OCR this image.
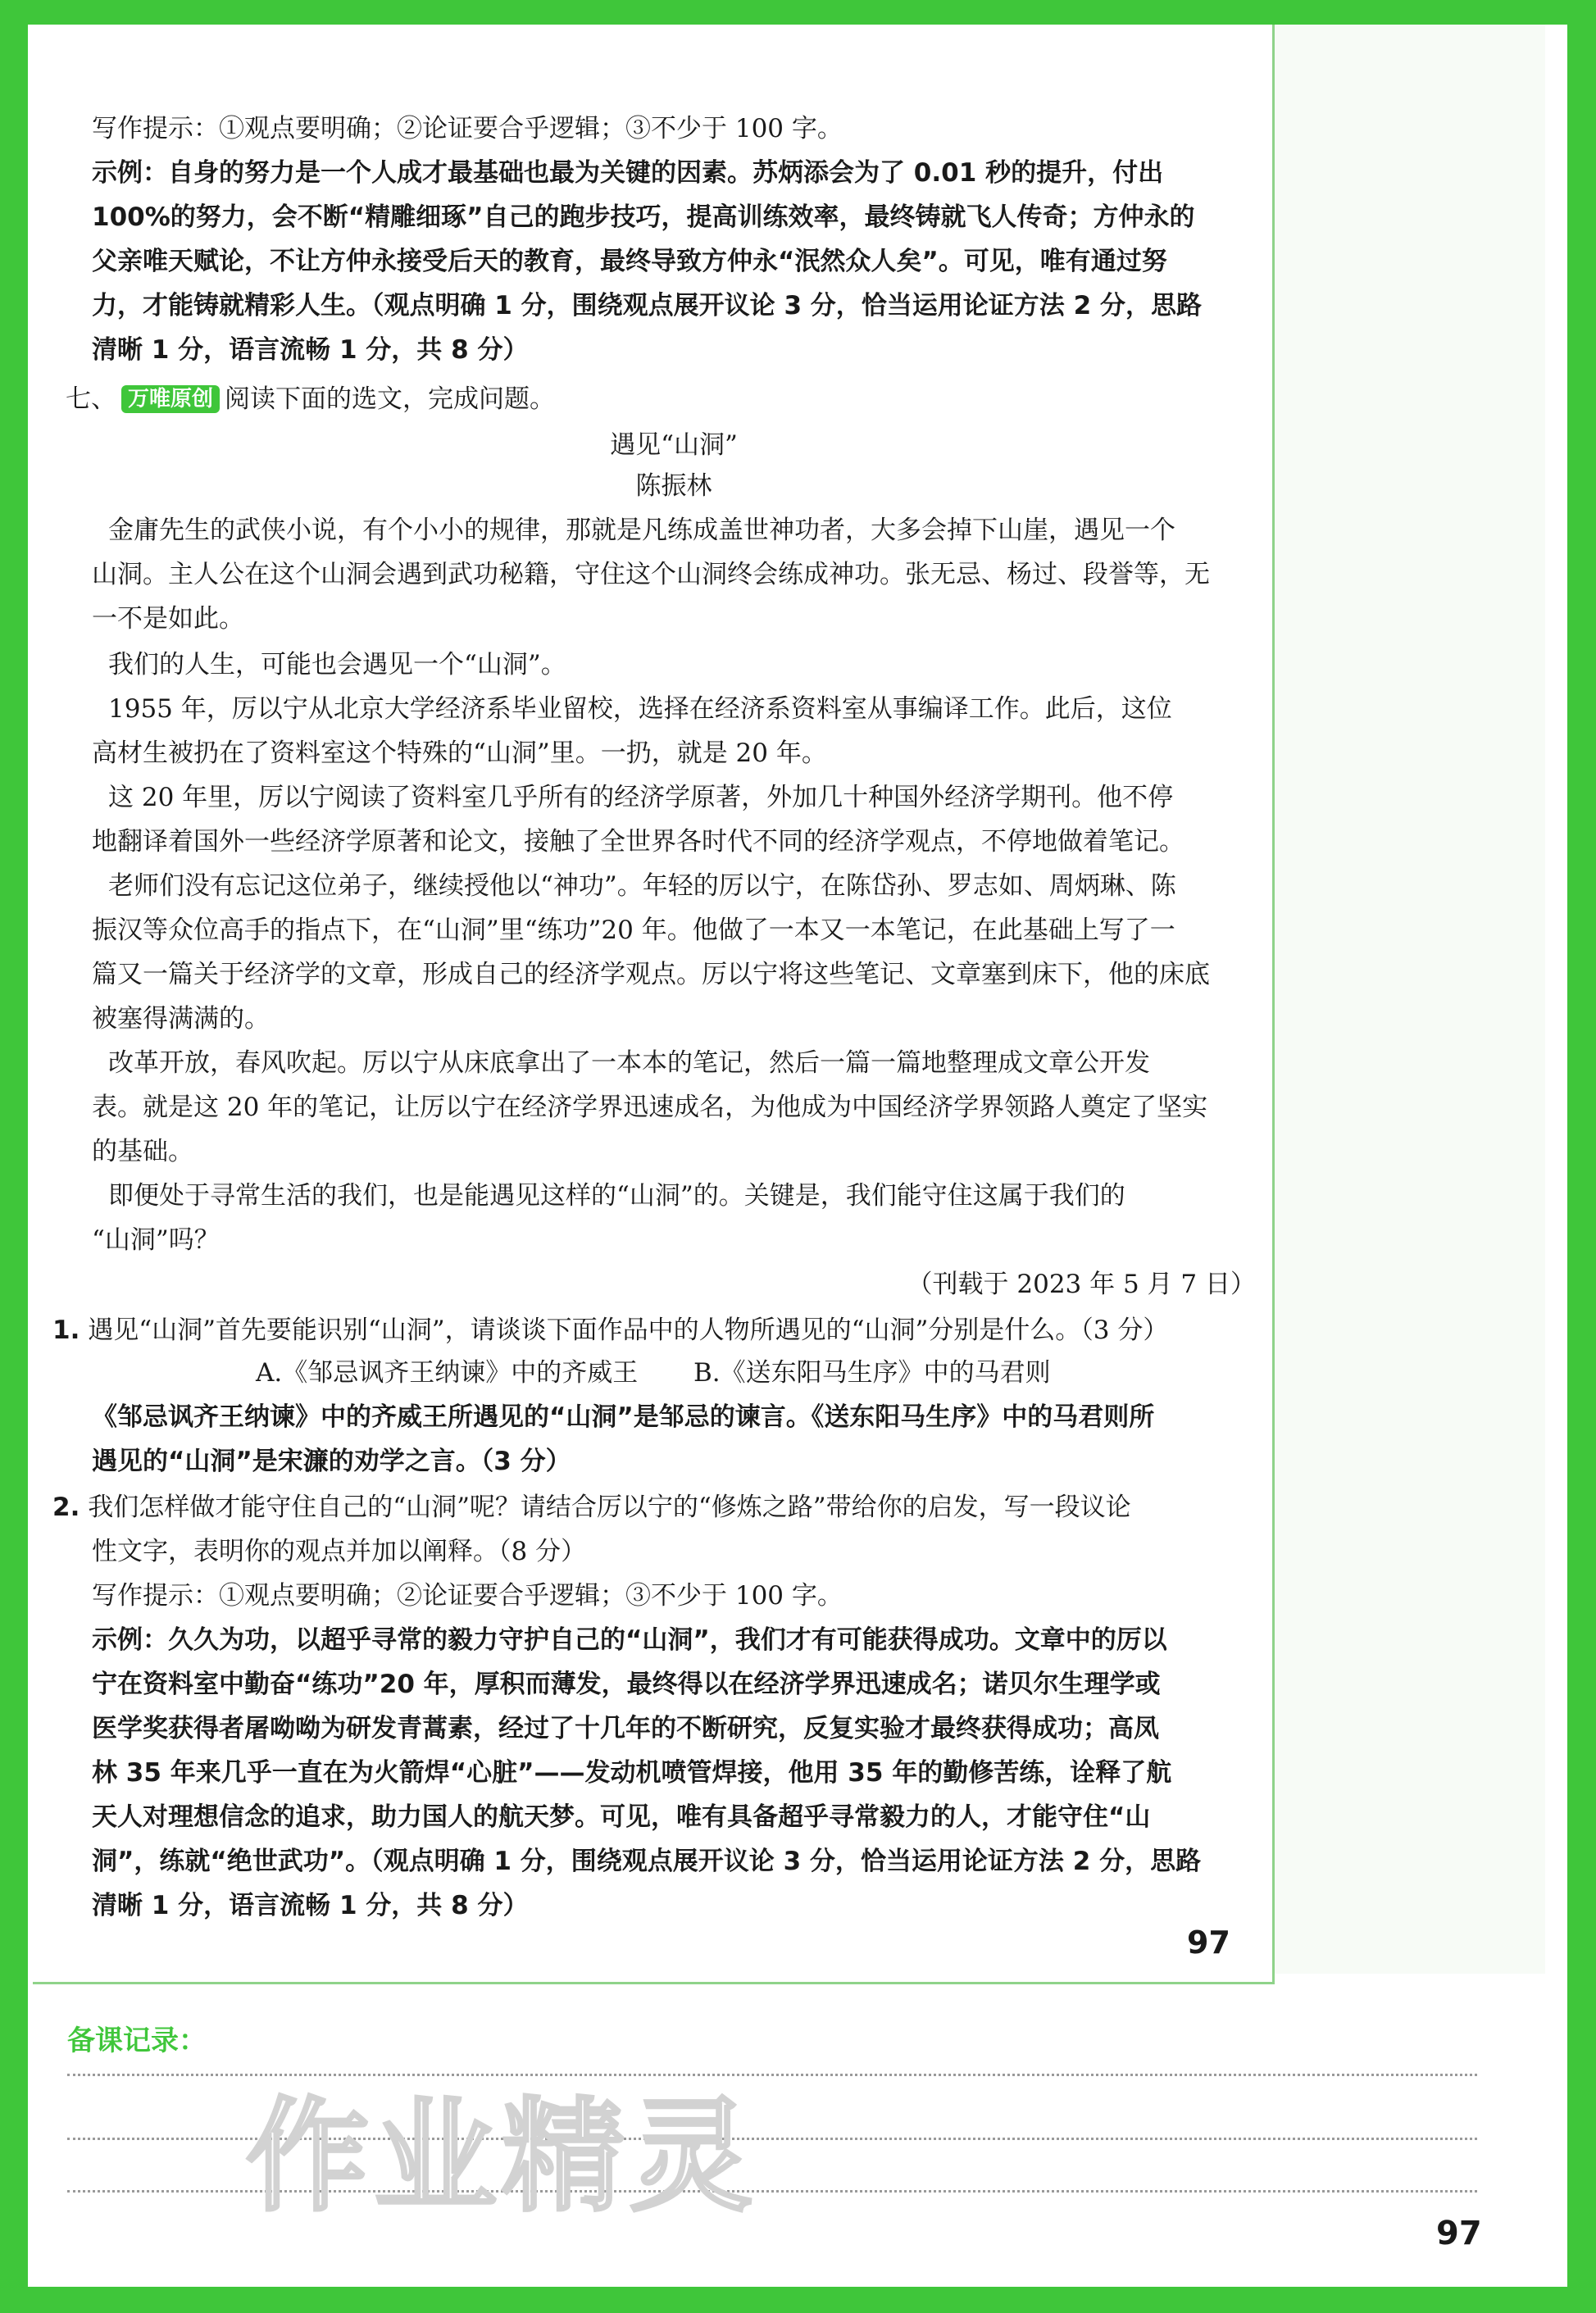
写作提示：①观点要明确；②论证要合乎逻辑；③不少于 100 字。
示例：自身的努力是一个人成才最基础也最为关键的因素。苏炳添会为了 0.01 秒的提升，付出
100%的努力，会不断“精雕细琢”自己的跑步技巧，提高训练效率，最终铸就飞人传奇；方仲永的
父亲唯天赋论，不让方仲永接受后天的教育，最终导致方仲永“泯然众人矣”。可见，唯有通过努
力，才能铸就精彩人生。（观点明确 1 分，围绕观点展开议论 3 分，恰当运用论证方法 2 分，思路
清晰 1 分，语言流畅 1 分，共 8 分）
七、 万唯原创 阅读下面的选文，完成问题。
遇见“山洞”
陈振林
金庸先生的武侠小说，有个小小的规律，那就是凡练成盖世神功者，大多会掉下山崖，遇见一个
山洞。主人公在这个山洞会遇到武功秘籍，守住这个山洞终会练成神功。张无忌、杨过、段誉等，无
一不是如此。
我们的人生，可能也会遇见一个“山洞”。
1955 年，厉以宁从北京大学经济系毕业留校，选择在经济系资料室从事编译工作。此后，这位
高材生被扔在了资料室这个特殊的“山洞”里。一扔，就是 20 年。
这 20 年里，厉以宁阅读了资料室几乎所有的经济学原著，外加几十种国外经济学期刊。他不停
地翻译着国外一些经济学原著和论文，接触了全世界各时代不同的经济学观点，不停地做着笔记。
老师们没有忘记这位弟子，继续授他以“神功”。年轻的厉以宁，在陈岱孙、罗志如、周炳琳、陈
振汉等众位高手的指点下，在“山洞”里“练功”20 年。他做了一本又一本笔记，在此基础上写了一
篇又一篇关于经济学的文章，形成自己的经济学观点。厉以宁将这些笔记、文章塞到床下，他的床底
被塞得满满的。
改革开放，春风吹起。厉以宁从床底拿出了一本本的笔记，然后一篇一篇地整理成文章公开发
表。就是这 20 年的笔记，让厉以宁在经济学界迅速成名，为他成为中国经济学界领路人奠定了坚实
的基础。
即便处于寻常生活的我们，也是能遇见这样的“山洞”的。关键是，我们能守住这属于我们的
“山洞”吗？
（刊载于 2023 年 5 月 7 日）
1. 遇见“山洞”首先要能识别“山洞”，请谈谈下面作品中的人物所遇见的“山洞”分别是什么。（3 分）
A.《邹忌讽齐王纳谏》中的齐威王 B.《送东阳马生序》中的马君则
《邹忌讽齐王纳谏》中的齐威王所遇见的“山洞”是邹忌的谏言。《送东阳马生序》中的马君则所
遇见的“山洞”是宋濂的劝学之言。（3 分）
2. 我们怎样做才能守住自己的“山洞”呢？请结合厉以宁的“修炼之路”带给你的启发，写一段议论
性文字，表明你的观点并加以阐释。（8 分）
写作提示：①观点要明确；②论证要合乎逻辑；③不少于 100 字。
示例：久久为功，以超乎寻常的毅力守护自己的“山洞”，我们才有可能获得成功。文章中的厉以
宁在资料室中勤奋“练功”20 年，厚积而薄发，最终得以在经济学界迅速成名；诺贝尔生理学或
医学奖获得者屠呦呦为研发青蒿素，经过了十几年的不断研究，反复实验才最终获得成功；高凤
林 35 年来几乎一直在为火箭焊“心脏”——发动机喷管焊接，他用 35 年的勤修苦练，诠释了航
天人对理想信念的追求，助力国人的航天梦。可见，唯有具备超乎寻常毅力的人，才能守住“山
洞”，练就“绝世武功”。（观点明确 1 分，围绕观点展开议论 3 分，恰当运用论证方法 2 分，思路
清晰 1 分，语言流畅 1 分，共 8 分）
97
备课记录：
作业精灵
97
